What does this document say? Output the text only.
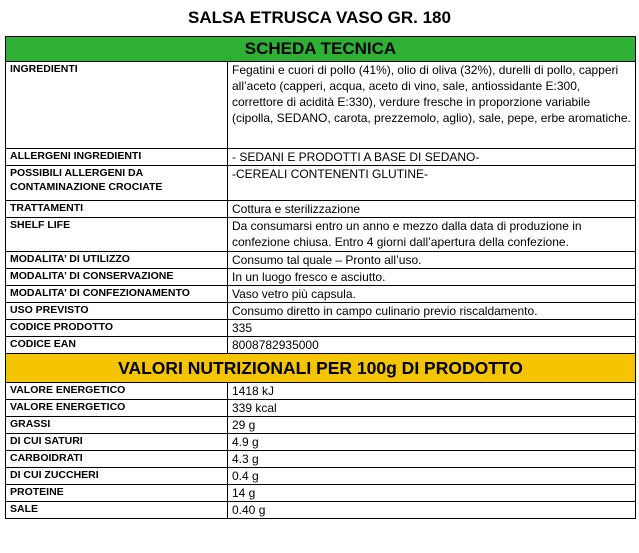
SALSA ETRUSCA VASO GR. 180
SCHEDA TECNICA	
INGREDIENTI	Fegatini e cuori di pollo (41%), olio di oliva (32%), durelli di pollo, capperi all’aceto (capperi, acqua, aceto di vino, sale, antiossidante E:300, correttore di acidità E:330), verdure fresche in proporzione variabile (cipolla, SEDANO, carota, prezzemolo, aglio), sale, pepe, erbe aromatiche.
ALLERGENI INGREDIENTI	- SEDANI E PRODOTTI A BASE DI SEDANO-
POSSIBILI ALLERGENI DA CONTAMINAZIONE CROCIATE	-CEREALI CONTENENTI GLUTINE-
TRATTAMENTI	Cottura e sterilizzazione
SHELF LIFE	Da consumarsi entro un anno e mezzo dalla data di produzione in confezione chiusa. Entro 4 giorni dall’apertura della confezione.
MODALITA’ DI UTILIZZO	Consumo tal quale – Pronto all’uso.
MODALITA’ DI CONSERVAZIONE	In un luogo fresco e asciutto.
MODALITA’ DI CONFEZIONAMENTO	Vaso vetro più capsula.
USO PREVISTO	Consumo diretto in campo culinario previo riscaldamento.
CODICE PRODOTTO	335
CODICE EAN	8008782935000
VALORI NUTRIZIONALI PER 100g DI PRODOTTO	
VALORE ENERGETICO	1418 kJ
VALORE ENERGETICO	339 kcal
GRASSI	29 g
DI CUI SATURI	4.9 g
CARBOIDRATI	4.3 g
DI CUI ZUCCHERI	0.4 g
PROTEINE	14 g
SALE	0.40 g
